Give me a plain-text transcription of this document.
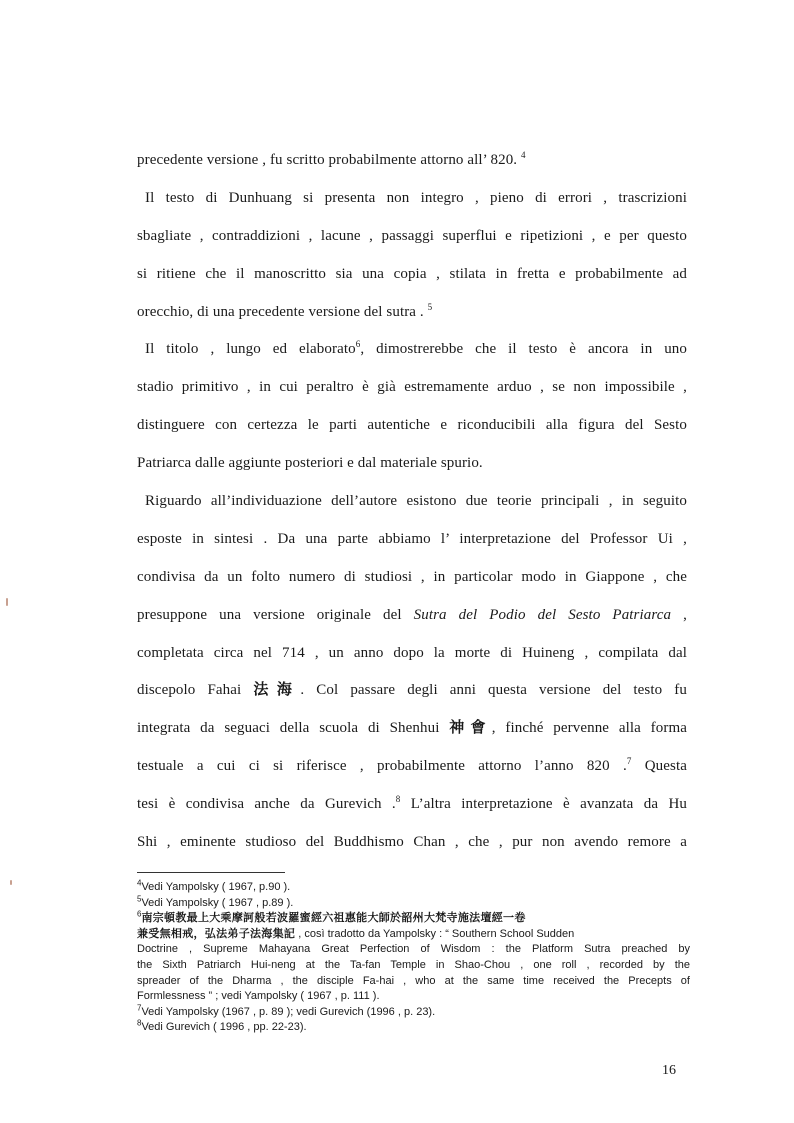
precedente versione , fu scritto probabilmente attorno all’ 820. $^4$
Il testo di Dunhuang si presenta non integro , pieno di errori , trascrizioni
sbagliate , contraddizioni , lacune , passaggi superflui e ripetizioni , e per questo
si ritiene che il manoscritto sia una copia , stilata in fretta e probabilmente ad
orecchio, di una precedente versione del sutra . $^5$
Il titolo , lungo ed elaborato$^6$, dimostrerebbe che il testo è ancora in uno
stadio primitivo , in cui peraltro è già estremamente arduo , se non impossibile ,
distinguere con certezza le parti autentiche e riconducibili alla figura del Sesto
Patriarca dalle aggiunte posteriori e dal materiale spurio.
Riguardo all’individuazione dell’autore esistono due teorie principali , in seguito
esposte in sintesi . Da una parte abbiamo l’ interpretazione del Professor Ui ,
condivisa da un folto numero di studiosi , in particolar modo in Giappone , che
presuppone una versione originale del Sutra del Podio del Sesto Patriarca ,
completata circa nel 714 , un anno dopo la morte di Huineng , compilata dal
discepolo Fahai 法海. Col passare degli anni questa versione del testo fu
integrata da seguaci della scuola di Shenhui 神會, finché pervenne alla forma
testuale a cui ci si riferisce , probabilmente attorno l’anno 820 .$^7$ Questa
tesi è condivisa anche da Gurevich .$^8$ L’altra interpretazione è avanzata da Hu
Shi , eminente studioso del Buddhismo Chan , che , pur non avendo remore a
$^4$Vedi Yampolsky ( 1967, p.90 ).
$^5$Vedi Yampolsky ( 1967 , p.89 ).
$^6$南宗頓教最上大乘摩訶般若波羅蜜經六祖惠能大師於韶州大梵寺施法壇經一卷
兼受無相戒，弘法弟子法海集記 , così tradotto da Yampolsky : “ Southern School Sudden
Doctrine , Supreme Mahayana Great Perfection of Wisdom : the Platform Sutra preached by
the Sixth Patriarch Hui-neng at the Ta-fan Temple in Shao-Chou , one roll , recorded by the
spreader of the Dharma , the disciple Fa-hai , who at the same time received the Precepts of
Formlessness ” ; vedi Yampolsky ( 1967 , p. 111 ).
$^7$Vedi Yampolsky (1967 , p. 89 ); vedi Gurevich (1996 , p. 23).
$^8$Vedi Gurevich ( 1996 , pp. 22-23).
16
